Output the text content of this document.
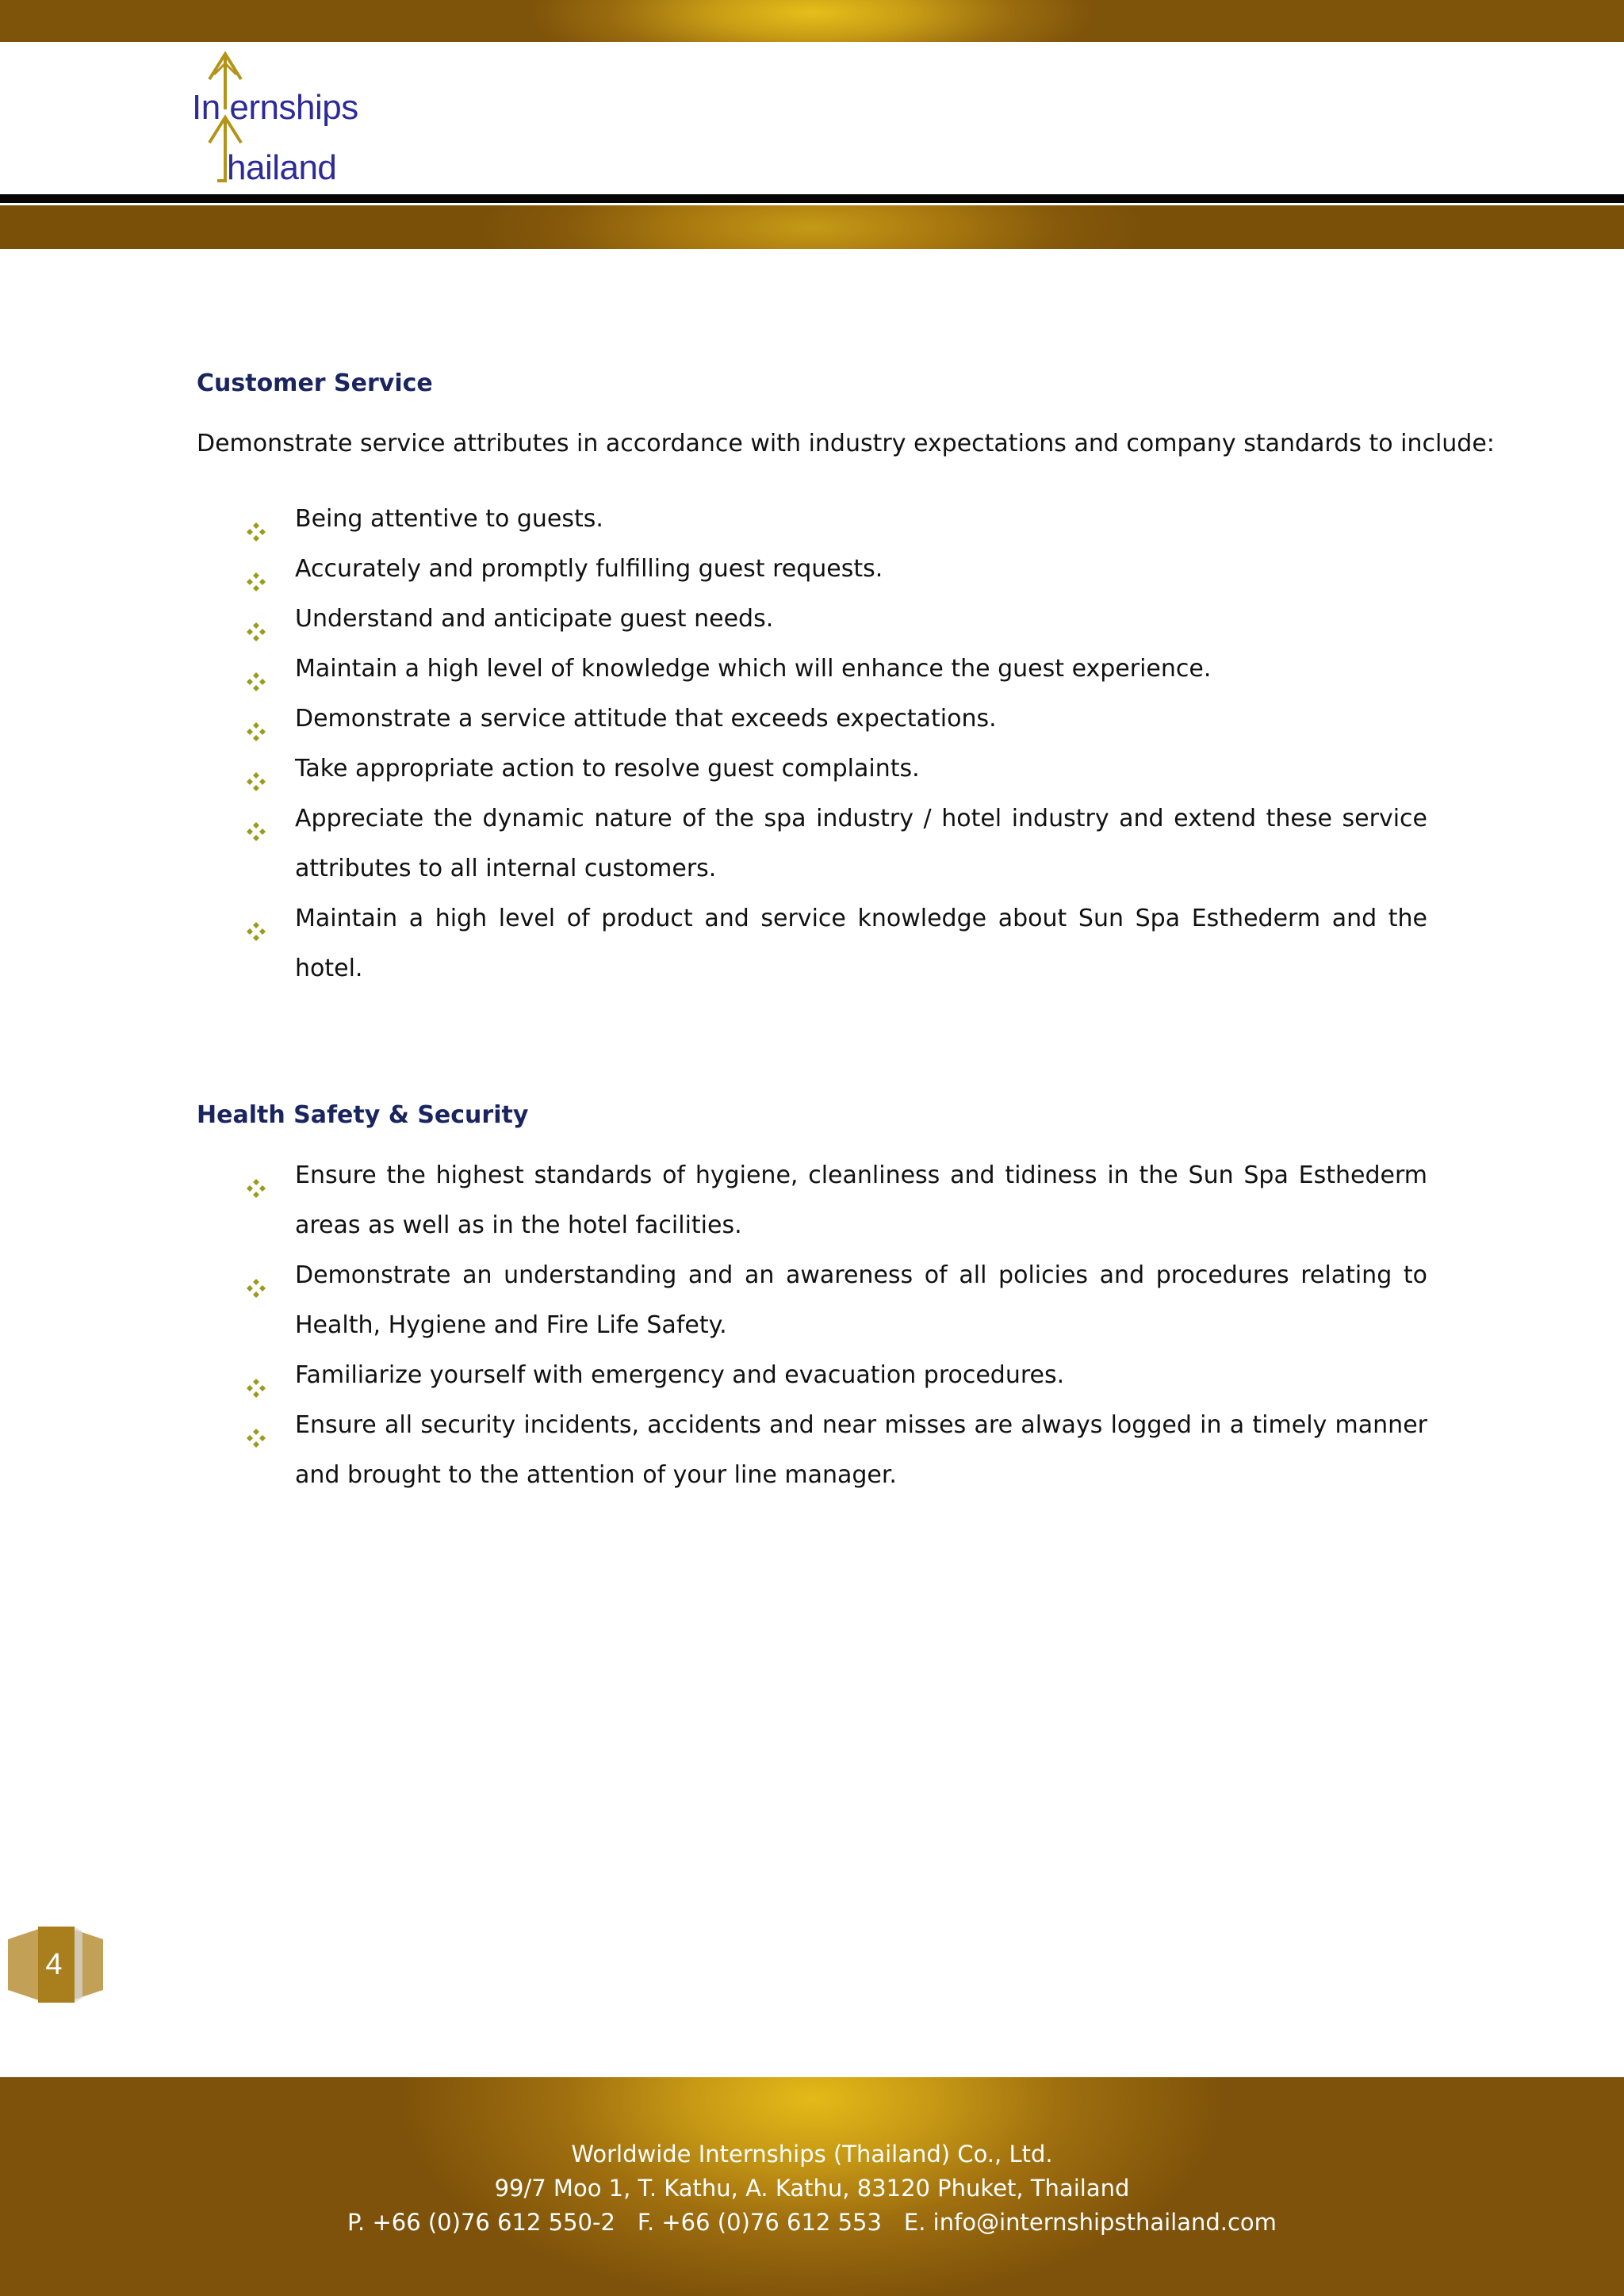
In ernships
hailand
Customer Service

Demonstrate service attributes in accordance with industry expectations and company standards to include:

Being attentive to guests.
Accurately and promptly fulfilling guest requests.
Understand and anticipate guest needs.
Maintain a high level of knowledge which will enhance the guest experience.
Demonstrate a service attitude that exceeds expectations.
Take appropriate action to resolve guest complaints.
Appreciate the dynamic nature of the spa industry / hotel industry and extend these service attributes to all internal customers.
Maintain a high level of product and service knowledge about Sun Spa Esthederm and the hotel.
Health Safety & Security
Ensure the highest standards of hygiene, cleanliness and tidiness in the Sun Spa Esthederm areas as well as in the hotel facilities.
Demonstrate an understanding and an awareness of all policies and procedures relating to Health, Hygiene and Fire Life Safety.
Familiarize yourself with emergency and evacuation procedures.
Ensure all security incidents, accidents and near misses are always logged in a timely manner and brought to the attention of your line manager.
4
Worldwide Internships (Thailand) Co., Ltd.
99/7 Moo 1, T. Kathu, A. Kathu, 83120 Phuket, Thailand
P. +66 (0)76 612 550-2 F. +66 (0)76 612 553 E. info@internshipsthailand.com
